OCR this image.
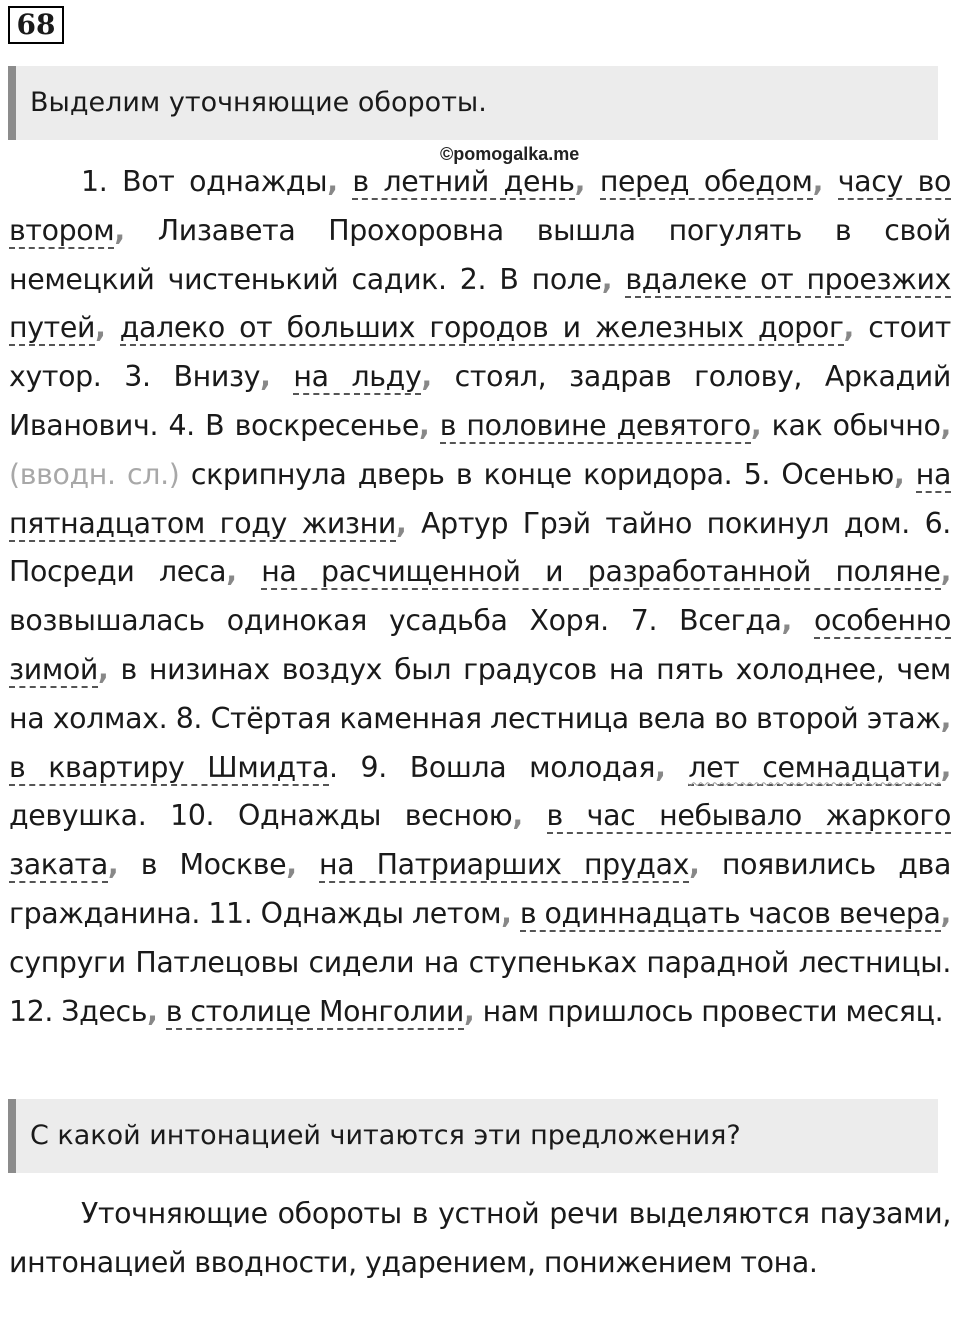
68
Выделим уточняющие обороты.
©pomogalka.me

1. Вот однажды, в летний день, перед обедом, часу во втором, Лизавета Прохоровна вышла погулять в свой немецкий чистенький садик. 2. В поле, вдалеке от проезжих путей, далеко от больших городов и железных дорог, стоит хутор. 3. Внизу, на льду, стоял, задрав голову, Аркадий Иванович. 4. В воскресенье, в половине девятого, как обычно, (вводн. сл.) скрипнула дверь в конце коридора. 5. Осенью, на пятнадцатом году жизни, Артур Грэй тайно покинул дом. 6. Посреди леса, на расчищенной и разработанной поляне, возвышалась одинокая усадьба Хоря. 7. Всегда, особенно зимой, в низинах воздух был градусов на пять холоднее, чем на холмах. 8. Стёртая каменная лестница вела во второй этаж, в квартиру Шмидта. 9. Вошла молодая, лет семнадцати, девушка. 10. Однажды весною, в час небывало жаркого заката, в Москве, на Патриарших прудах, появились два гражданина. 11. Однажды летом, в одиннадцать часов вечера, супруги Патлецовы сидели на ступеньках парадной лестницы. 12. Здесь, в столице Монголии, нам пришлось провести месяц.

С какой интонацией читаются эти предложения?

Уточняющие обороты в устной речи выделяются паузами, интонацией вводности, ударением, понижением тона.
